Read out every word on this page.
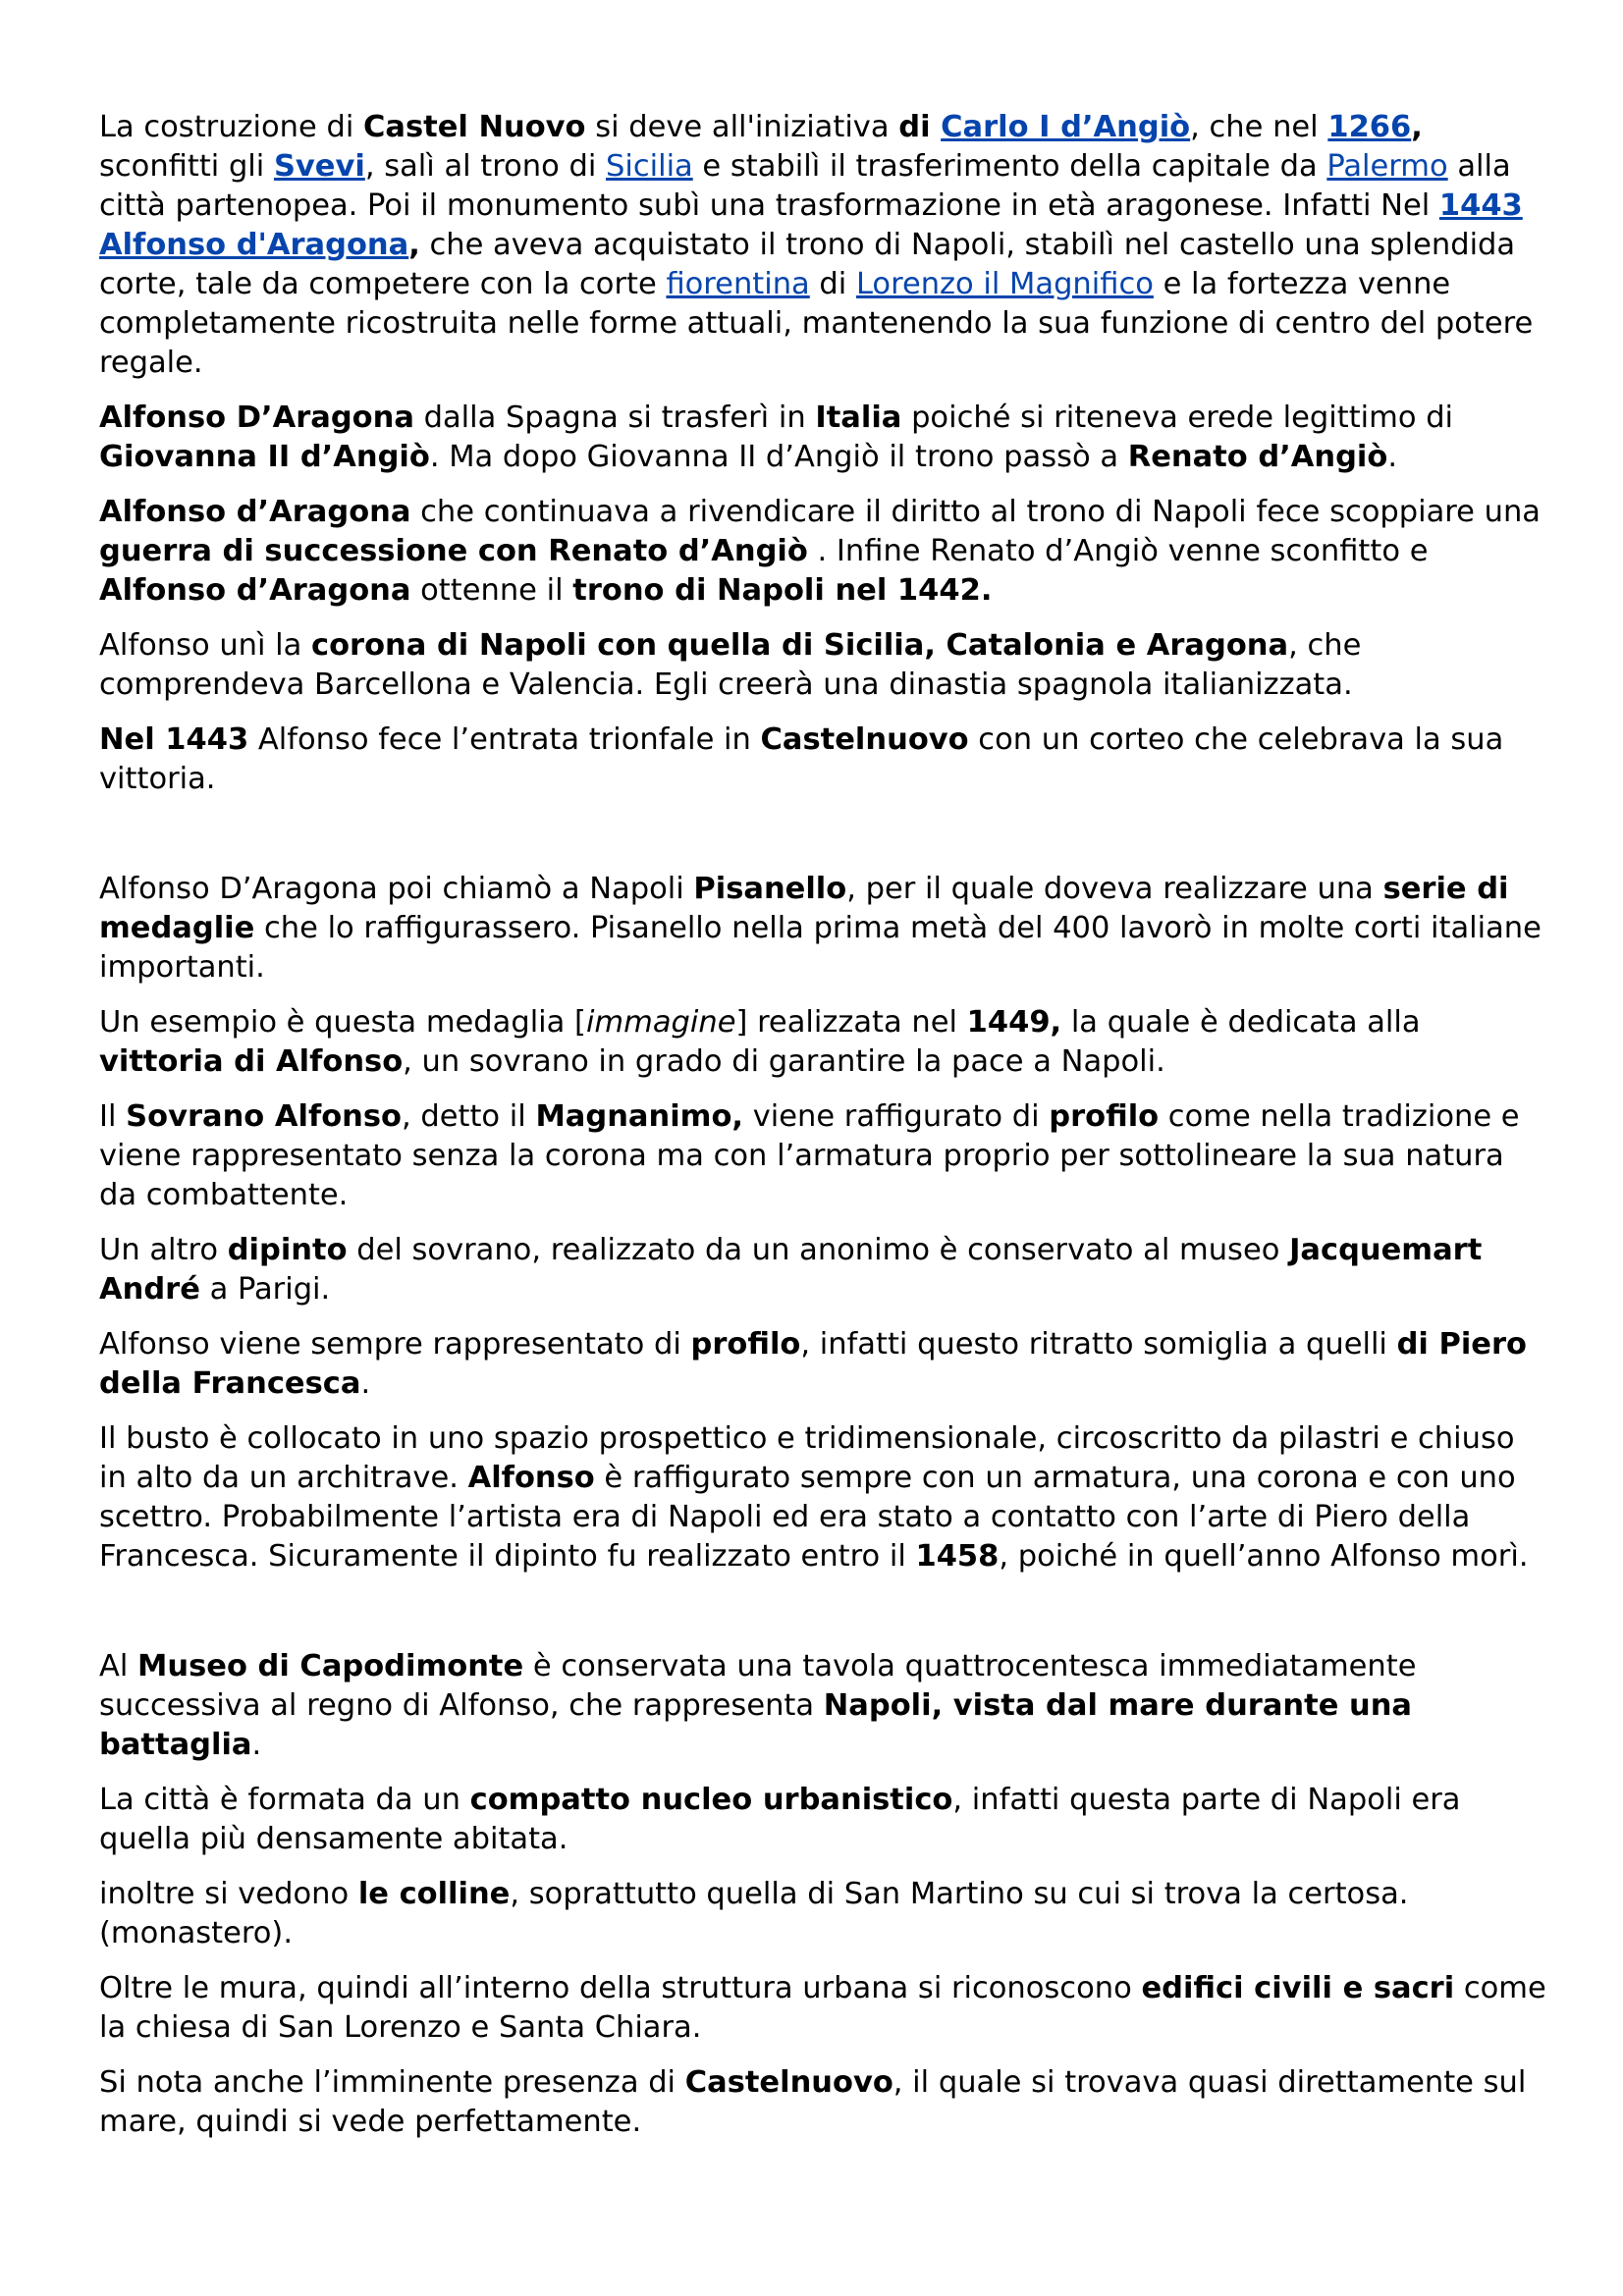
La costruzione di Castel Nuovo si deve all'iniziativa di Carlo I d’Angiò, che nel 1266, sconfitti gli Svevi, salì al trono di Sicilia e stabilì il trasferimento della capitale da Palermo alla città partenopea. Poi il monumento subì una trasformazione in età aragonese. Infatti Nel 1443 Alfonso d'Aragona, che aveva acquistato il trono di Napoli, stabilì nel castello una splendida corte, tale da competere con la corte fiorentina di Lorenzo il Magnifico e la fortezza venne completamente ricostruita nelle forme attuali, mantenendo la sua funzione di centro del potere regale.

Alfonso D’Aragona dalla Spagna si trasferì in Italia poiché si riteneva erede legittimo di Giovanna II d’Angiò. Ma dopo Giovanna II d’Angiò il trono passò a Renato d’Angiò.

Alfonso d’Aragona che continuava a rivendicare il diritto al trono di Napoli fece scoppiare una guerra di successione con Renato d’Angiò . Infine Renato d’Angiò venne sconfitto e Alfonso d’Aragona ottenne il trono di Napoli nel 1442.

Alfonso unì la corona di Napoli con quella di Sicilia, Catalonia e Aragona, che comprendeva Barcellona e Valencia. Egli creerà una dinastia spagnola italianizzata.

Nel 1443 Alfonso fece l’entrata trionfale in Castelnuovo con un corteo che celebrava la sua vittoria.

Alfonso D’Aragona poi chiamò a Napoli Pisanello, per il quale doveva realizzare una serie di medaglie che lo raffigurassero. Pisanello nella prima metà del 400 lavorò in molte corti italiane importanti.

Un esempio è questa medaglia [immagine] realizzata nel 1449, la quale è dedicata alla vittoria di Alfonso, un sovrano in grado di garantire la pace a Napoli.

Il Sovrano Alfonso, detto il Magnanimo, viene raffigurato di profilo come nella tradizione e viene rappresentato senza la corona ma con l’armatura proprio per sottolineare la sua natura da combattente.

Un altro dipinto del sovrano, realizzato da un anonimo è conservato al museo Jacquemart André a Parigi.

Alfonso viene sempre rappresentato di profilo, infatti questo ritratto somiglia a quelli di Piero della Francesca.

Il busto è collocato in uno spazio prospettico e tridimensionale, circoscritto da pilastri e chiuso in alto da un architrave. Alfonso è raffigurato sempre con un armatura, una corona e con uno scettro. Probabilmente l’artista era di Napoli ed era stato a contatto con l’arte di Piero della Francesca. Sicuramente il dipinto fu realizzato entro il 1458, poiché in quell’anno Alfonso morì.

Al Museo di Capodimonte è conservata una tavola quattrocentesca immediatamente successiva al regno di Alfonso, che rappresenta Napoli, vista dal mare durante una battaglia.

La città è formata da un compatto nucleo urbanistico, infatti questa parte di Napoli era quella più densamente abitata.

inoltre si vedono le colline, soprattutto quella di San Martino su cui si trova la certosa.(monastero).

Oltre le mura, quindi all’interno della struttura urbana si riconoscono edifici civili e sacri come la chiesa di San Lorenzo e Santa Chiara.

Si nota anche l’imminente presenza di Castelnuovo, il quale si trovava quasi direttamente sul mare, quindi si vede perfettamente.
